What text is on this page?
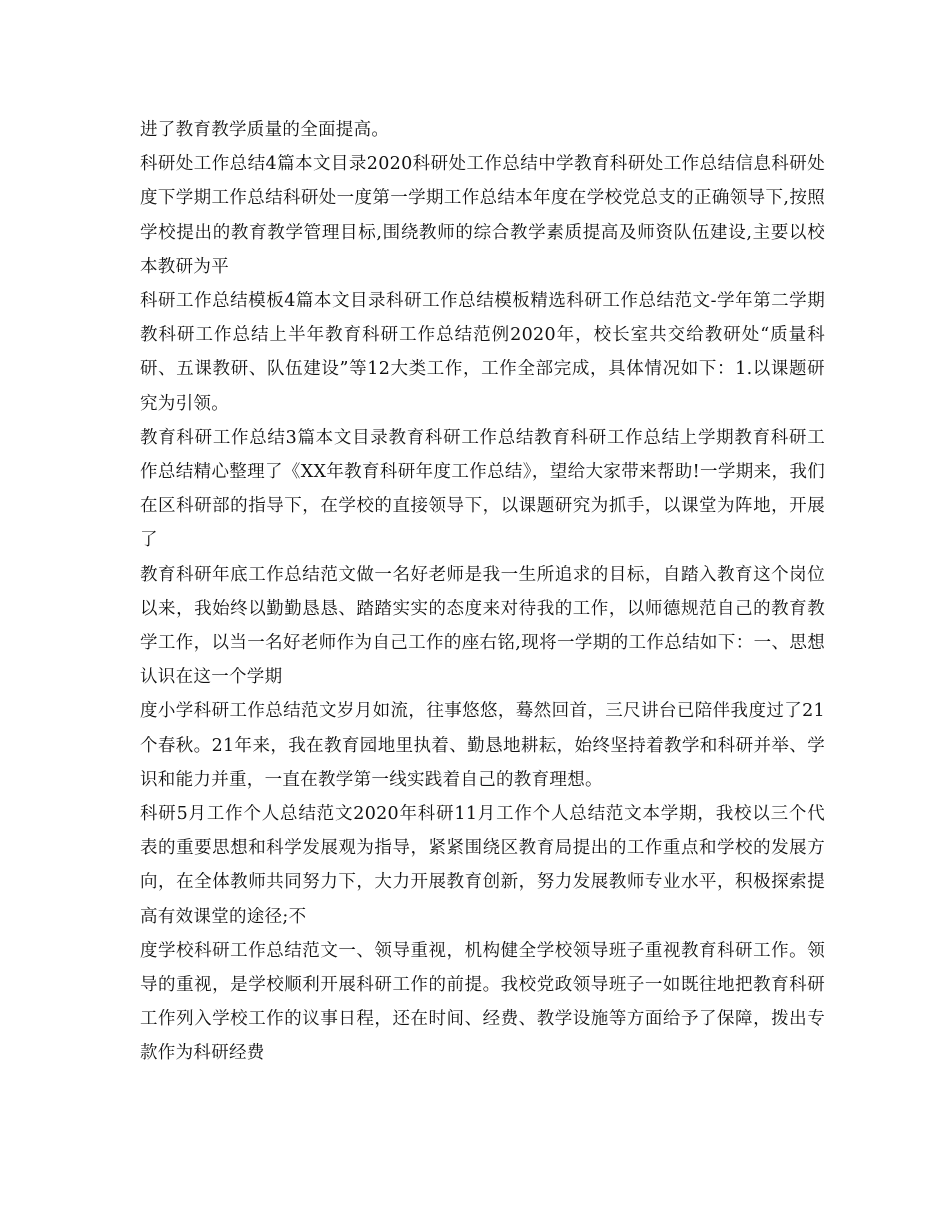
进了教育教学质量的全面提高。

科研处工作总结4篇本文目录2020科研处工作总结中学教育科研处工作总结信息科研处度下学期工作总结科研处一度第一学期工作总结本年度在学校党总支的正确领导下,按照学校提出的教育教学管理目标,围绕教师的综合教学素质提高及师资队伍建设,主要以校本教研为平

科研工作总结模板4篇本文目录科研工作总结模板精选科研工作总结范文-学年第二学期教科研工作总结上半年教育科研工作总结范例2020年，校长室共交给教研处“质量科研、五课教研、队伍建设”等12大类工作，工作全部完成，具体情况如下：1.以课题研究为引领。

教育科研工作总结3篇本文目录教育科研工作总结教育科研工作总结上学期教育科研工作总结精心整理了《XX年教育科研年度工作总结》，望给大家带来帮助!一学期来，我们在区科研部的指导下，在学校的直接领导下，以课题研究为抓手，以课堂为阵地，开展了

教育科研年底工作总结范文做一名好老师是我一生所追求的目标，自踏入教育这个岗位以来，我始终以勤勤恳恳、踏踏实实的态度来对待我的工作，以师德规范自己的教育教学工作，以当一名好老师作为自己工作的座右铭,现将一学期的工作总结如下：一、思想认识在这一个学期

度小学科研工作总结范文岁月如流，往事悠悠，蓦然回首，三尺讲台已陪伴我度过了21个春秋。21年来，我在教育园地里执着、勤恳地耕耘，始终坚持着教学和科研并举、学识和能力并重，一直在教学第一线实践着自己的教育理想。

科研5月工作个人总结范文2020年科研11月工作个人总结范文本学期，我校以三个代表的重要思想和科学发展观为指导，紧紧围绕区教育局提出的工作重点和学校的发展方向，在全体教师共同努力下，大力开展教育创新，努力发展教师专业水平，积极探索提高有效课堂的途径;不

度学校科研工作总结范文一、领导重视，机构健全学校领导班子重视教育科研工作。领导的重视，是学校顺利开展科研工作的前提。我校党政领导班子一如既往地把教育科研工作列入学校工作的议事日程，还在时间、经费、教学设施等方面给予了保障，拨出专款作为科研经费
